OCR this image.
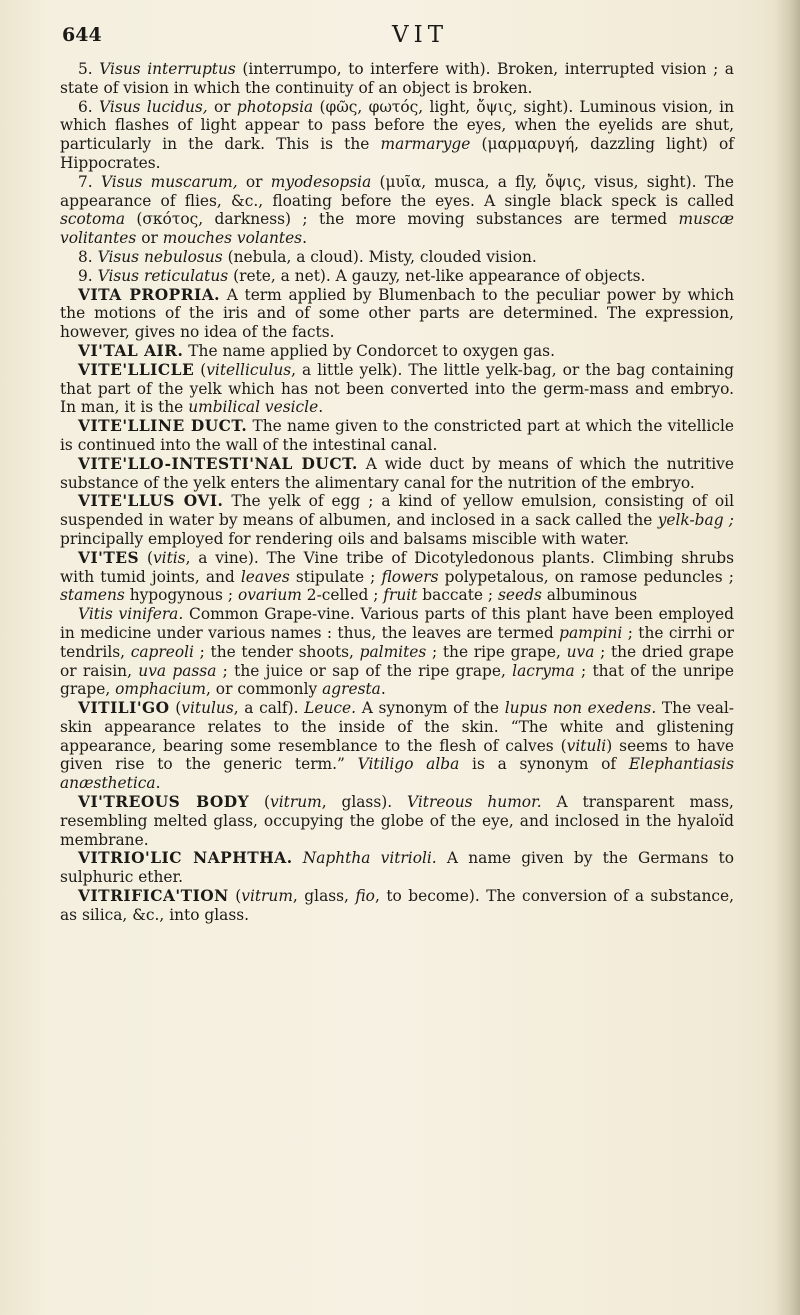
644	VIT

5. Visus interruptus (interrumpo, to interfere with). Broken, interrupted vision ; a state of vision in which the continuity of an object is broken.

6. Visus lucidus, or photopsia (φῶς, φωτός, light, ὄψις, sight). Luminous vision, in which flashes of light appear to pass before the eyes, when the eyelids are shut, particularly in the dark. This is the marmaryge (μαρμαρυγή, dazzling light) of Hippocrates.

7. Visus muscarum, or myodesopsia (μυῖα, musca, a fly, ὄψις, visus, sight). The appearance of flies, &c., floating before the eyes. A single black speck is called scotoma (σκότος, darkness) ; the more moving substances are termed muscæ volitantes or mouches volantes.

8. Visus nebulosus (nebula, a cloud). Misty, clouded vision.

9. Visus reticulatus (rete, a net). A gauzy, net-like appearance of objects.

VITA PROPRIA. A term applied by Blumenbach to the peculiar power by which the motions of the iris and of some other parts are determined. The expression, however, gives no idea of the facts.

VI'TAL AIR. The name applied by Condorcet to oxygen gas.

VITE'LLICLE (vitelliculus, a little yelk). The little yelk-bag, or the bag containing that part of the yelk which has not been converted into the germ-mass and embryo. In man, it is the umbilical vesicle.

VITE'LLINE DUCT. The name given to the constricted part at which the vitellicle is continued into the wall of the intestinal canal.

VITE'LLO-INTESTI'NAL DUCT. A wide duct by means of which the nutritive substance of the yelk enters the alimentary canal for the nutrition of the embryo.

VITE'LLUS OVI. The yelk of egg ; a kind of yellow emulsion, consisting of oil suspended in water by means of albumen, and inclosed in a sack called the yelk-bag ; principally employed for rendering oils and balsams miscible with water.

VI'TES (vitis, a vine). The Vine tribe of Dicotyledonous plants. Climbing shrubs with tumid joints, and leaves stipulate ; flowers polypetalous, on ramose peduncles ; stamens hypogynous ; ovarium 2-celled ; fruit baccate ; seeds albuminous

Vitis vinifera. Common Grape-vine. Various parts of this plant have been employed in medicine under various names : thus, the leaves are termed pampini ; the cirrhi or tendrils, capreoli ; the tender shoots, palmites ; the ripe grape, uva ; the dried grape or raisin, uva passa ; the juice or sap of the ripe grape, lacryma ; that of the unripe grape, omphacium, or commonly agresta.

VITILI'GO (vitulus, a calf). Leuce. A synonym of the lupus non exedens. The veal-skin appearance relates to the inside of the skin. “The white and glistening appearance, bearing some resemblance to the flesh of calves (vituli) seems to have given rise to the generic term.” Vitiligo alba is a synonym of Elephantiasis anæsthetica.

VI'TREOUS BODY (vitrum, glass). Vitreous humor. A transparent mass, resembling melted glass, occupying the globe of the eye, and inclosed in the hyaloïd membrane.

VITRIO'LIC NAPHTHA. Naphtha vitrioli. A name given by the Germans to sulphuric ether.

VITRIFICA'TION (vitrum, glass, fio, to become). The conversion of a substance, as silica, &c., into glass.
